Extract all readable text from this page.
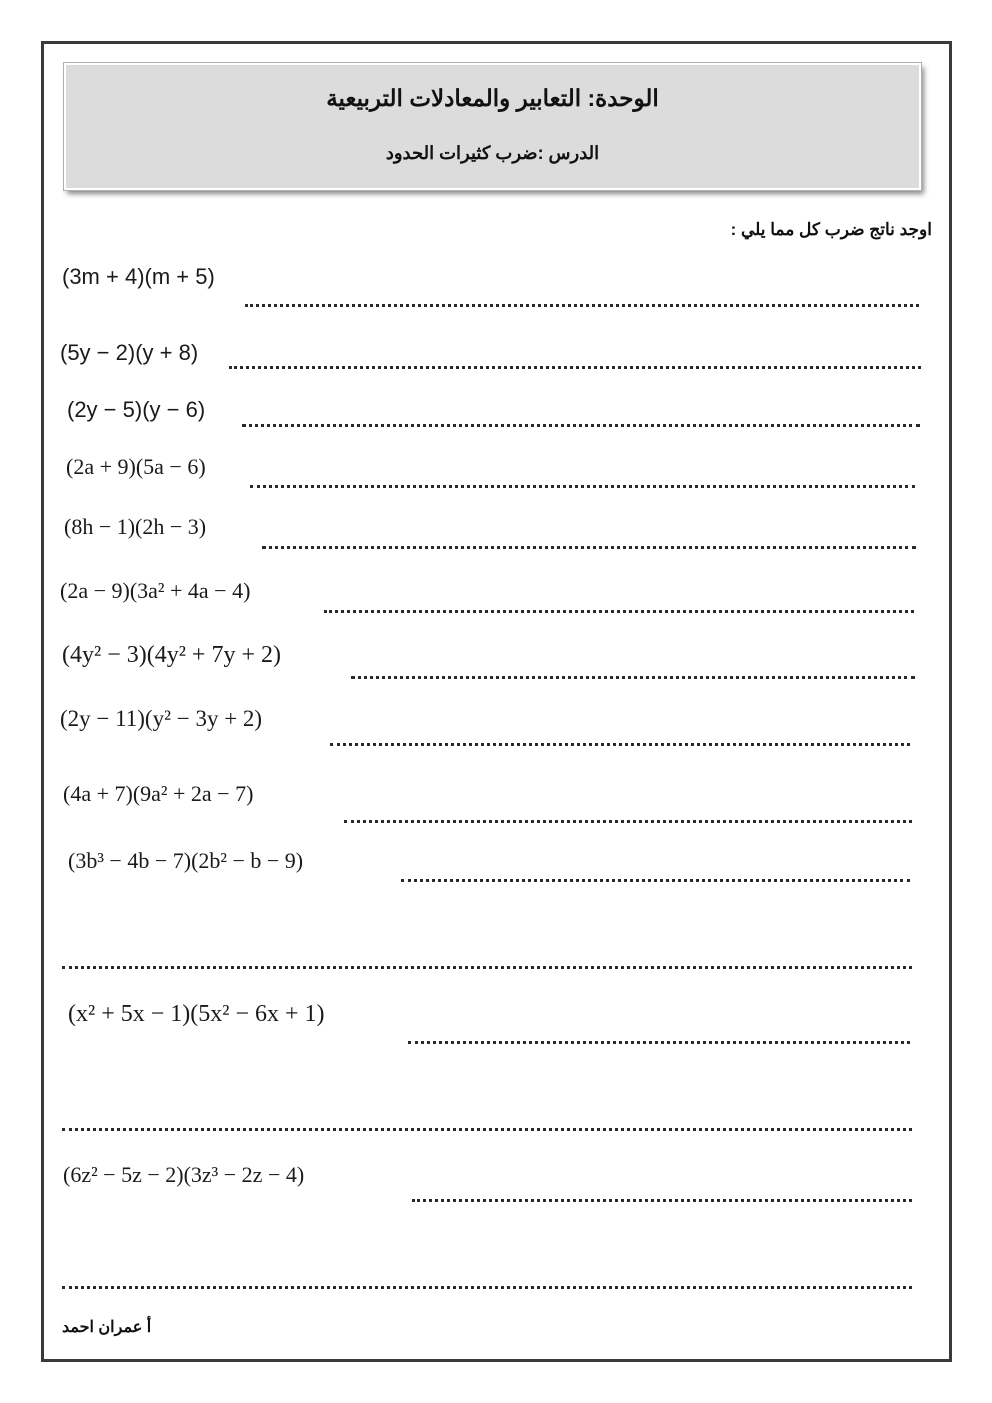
الوحدة: التعابير والمعادلات التربيعية
الدرس :ضرب كثيرات الحدود
اوجد ناتج ضرب كل مما يلي :
(3m + 4)(m + 5)
(5y − 2)(y + 8)
(2y − 5)(y − 6)
(2a + 9)(5a − 6)
(8h − 1)(2h − 3)
(2a − 9)(3a² + 4a − 4)
(4y² − 3)(4y² + 7y + 2)
(2y − 11)(y² − 3y + 2)
(4a + 7)(9a² + 2a − 7)
(3b³ − 4b − 7)(2b² − b − 9)
(x² + 5x − 1)(5x² − 6x + 1)
(6z² − 5z − 2)(3z³ − 2z − 4)
أ عمران احمد
